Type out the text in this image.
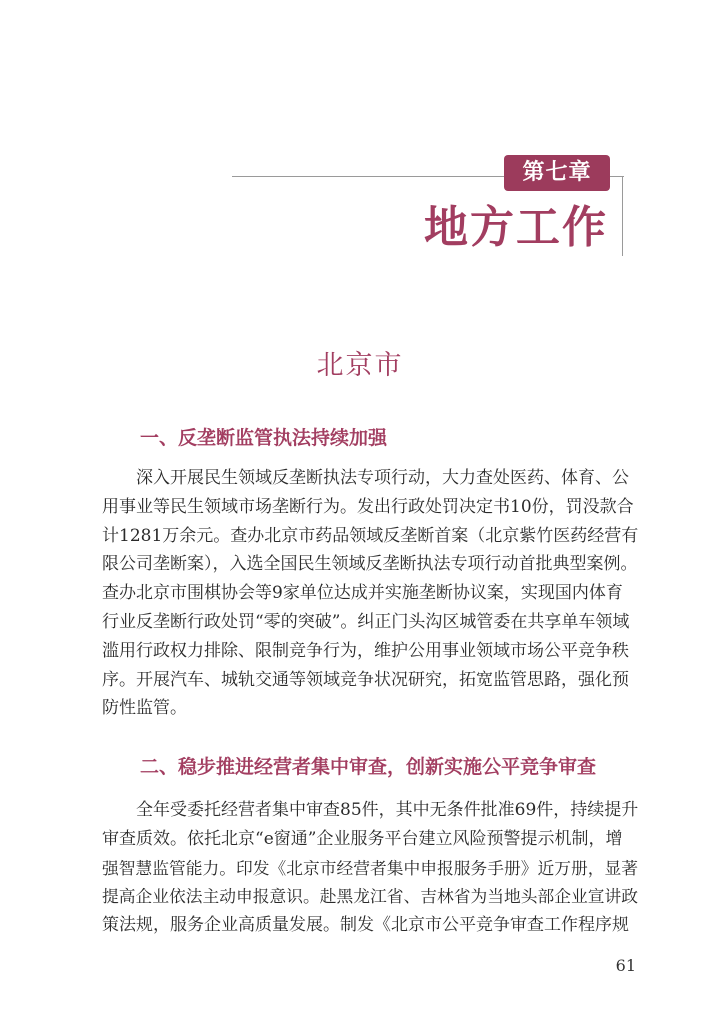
第七章
地方工作
北京市
一、反垄断监管执法持续加强
　　深入开展民生领域反垄断执法专项行动，大力查处医药、体育、公
用事业等民生领域市场垄断行为。发出行政处罚决定书10份，罚没款合
计1281万余元。查办北京市药品领域反垄断首案（北京紫竹医药经营有
限公司垄断案），入选全国民生领域反垄断执法专项行动首批典型案例。
查办北京市围棋协会等9家单位达成并实施垄断协议案，实现国内体育
行业反垄断行政处罚“零的突破”。纠正门头沟区城管委在共享单车领域
滥用行政权力排除、限制竞争行为，维护公用事业领域市场公平竞争秩
序。开展汽车、城轨交通等领域竞争状况研究，拓宽监管思路，强化预
防性监管。
二、稳步推进经营者集中审查，创新实施公平竞争审查
　　全年受委托经营者集中审查85件，其中无条件批准69件，持续提升
审查质效。依托北京“e窗通”企业服务平台建立风险预警提示机制，增
强智慧监管能力。印发《北京市经营者集中申报服务手册》近万册，显著
提高企业依法主动申报意识。赴黑龙江省、吉林省为当地头部企业宣讲政
策法规，服务企业高质量发展。制发《北京市公平竞争审查工作程序规
61
